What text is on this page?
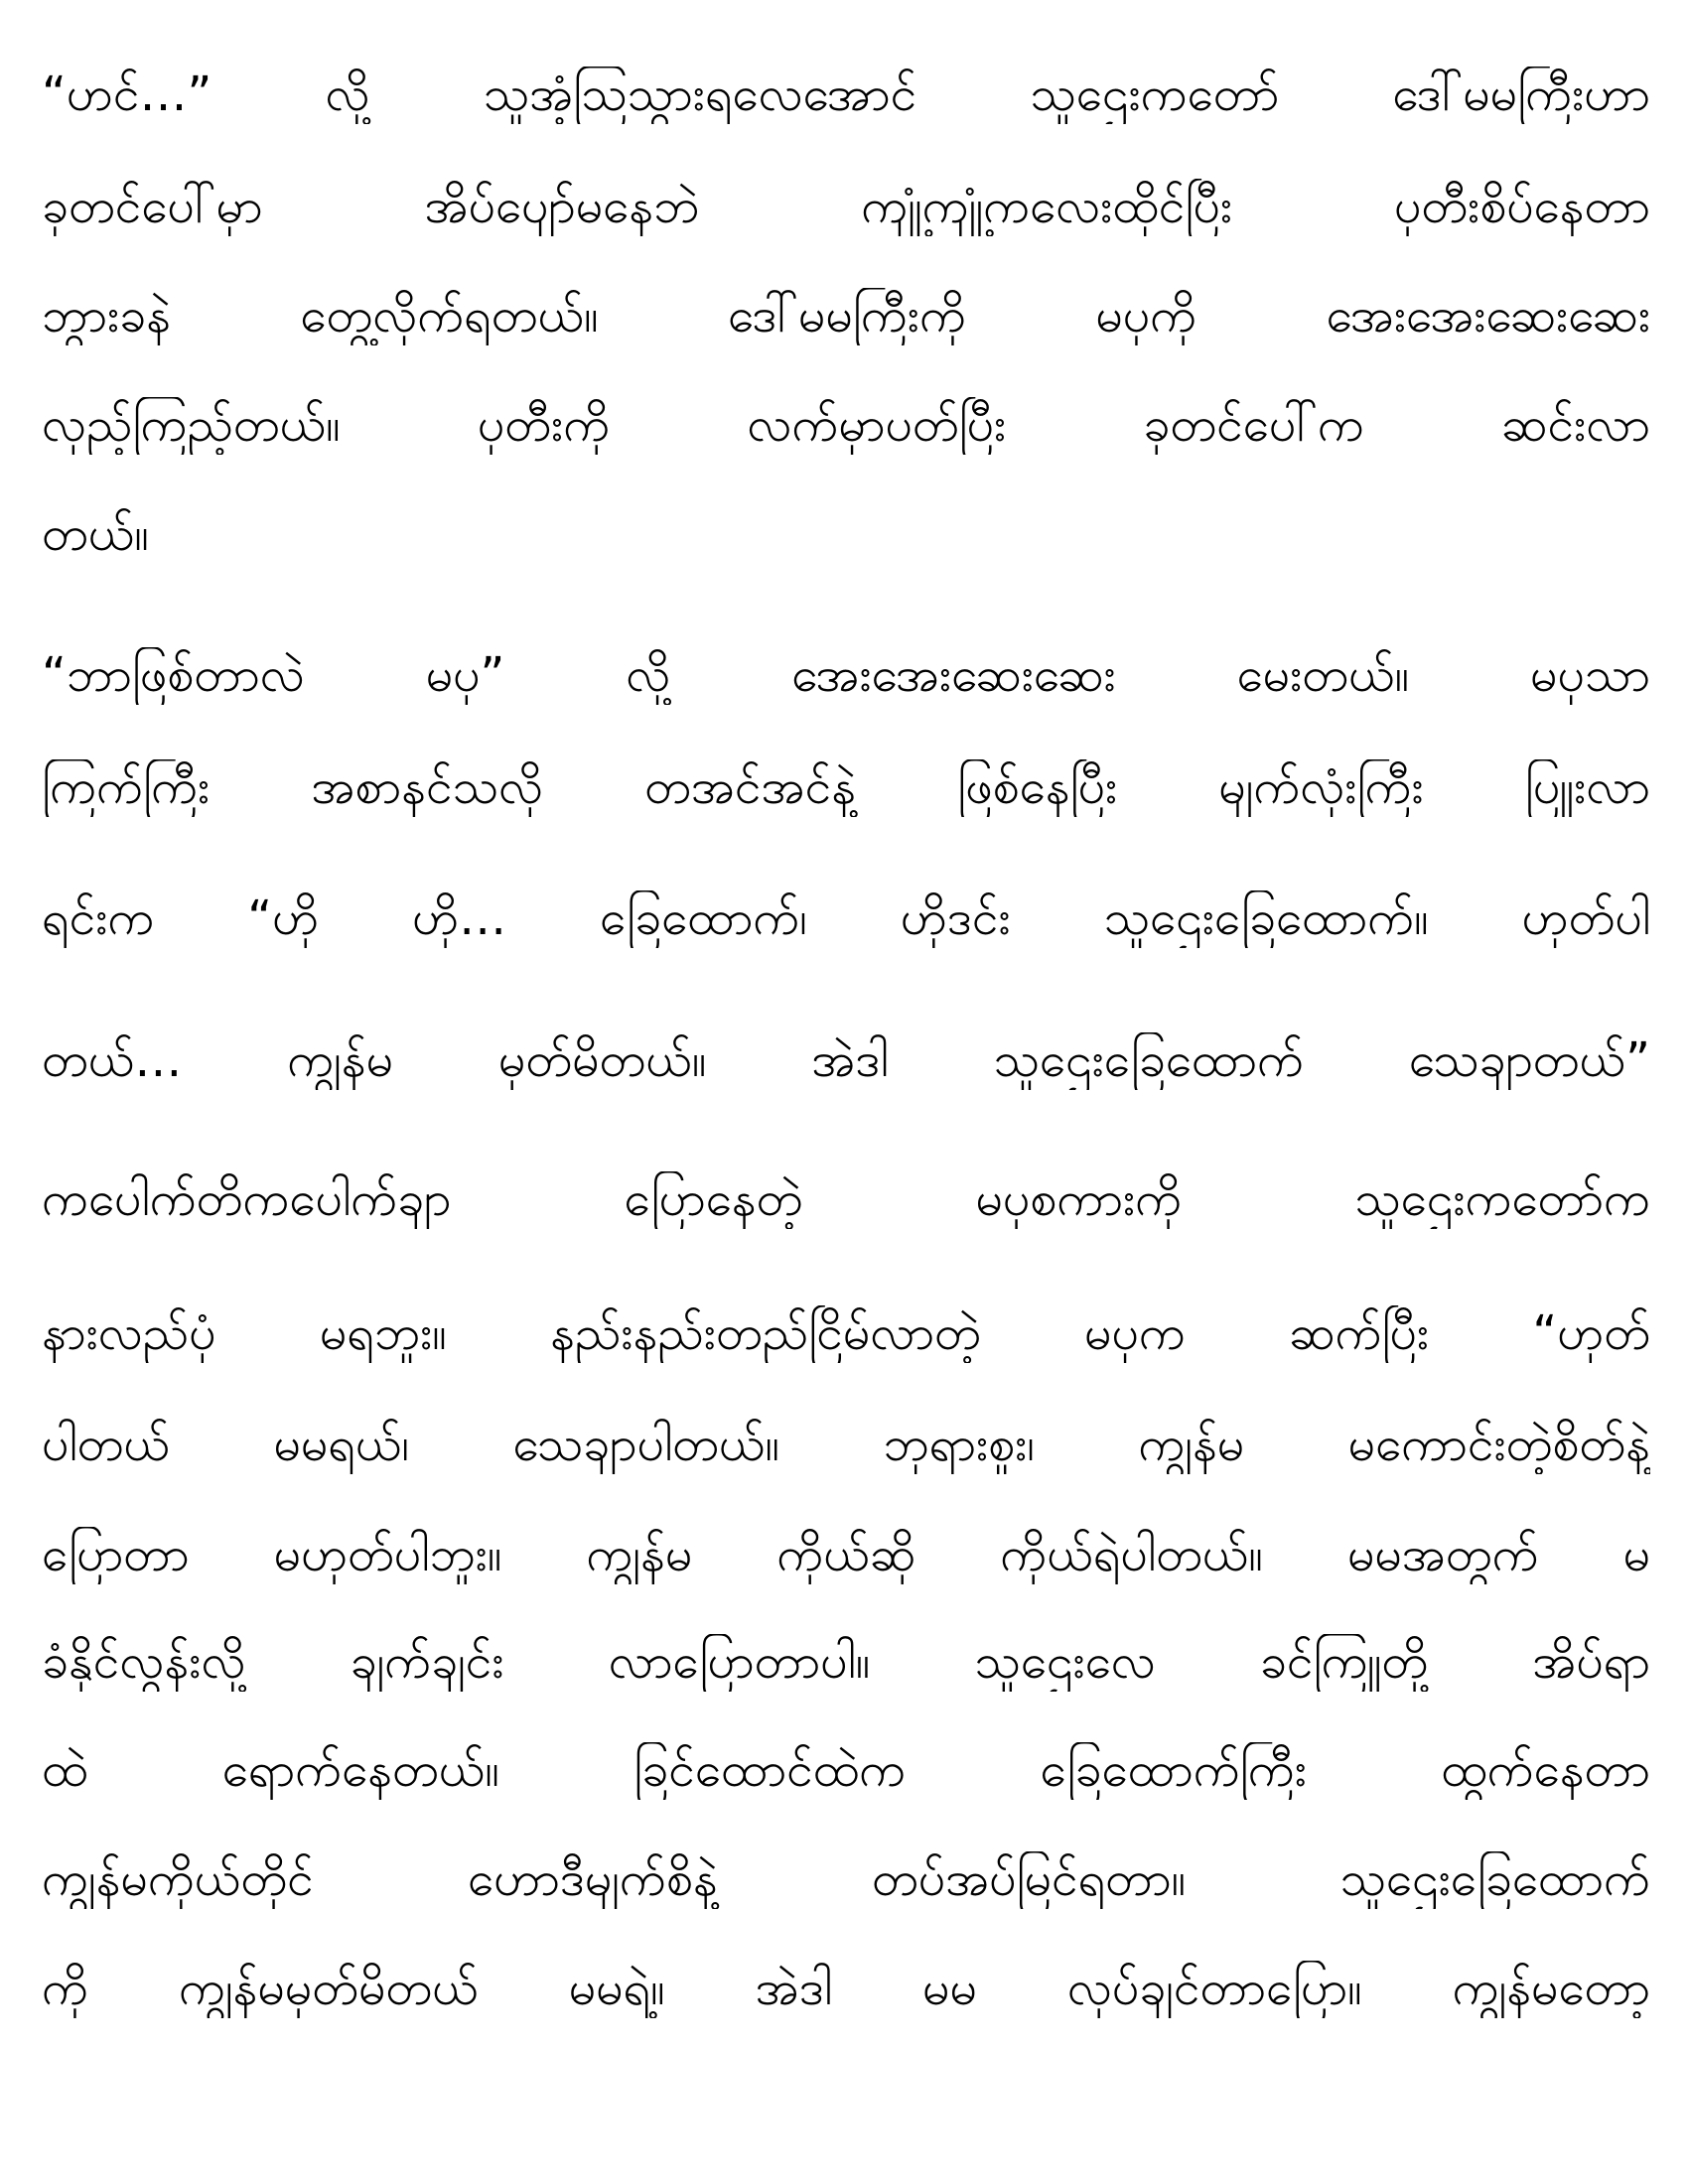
“ဟင်…” လို့ သူအံ့သြသွားရလေအောင် သူဌေးကတော် ဒေါ်မမကြီးဟာ

ခုတင်ပေါ်မှာ အိပ်ပျော်မနေဘဲ ကျုံ့ကျုံ့ကလေးထိုင်ပြီး ပုတီးစိပ်နေတာ

ဘွားခနဲ တွေ့လိုက်ရတယ်။ ဒေါ်မမကြီးကို မပုကို အေးအေးဆေးဆေး

လှည့်ကြည့်တယ်။ ပုတီးကို လက်မှာပတ်ပြီး ခုတင်ပေါ်က ဆင်းလာ

တယ်။

“ဘာဖြစ်တာလဲ မပု” လို့ အေးအေးဆေးဆေး မေးတယ်။ မပုသာ

ကြက်ကြီး အစာနင်သလို တအင်အင်နဲ့ ဖြစ်နေပြီး မျက်လုံးကြီး ပြူးလာ

ရင်းက “ဟို ဟို… ခြေထောက်၊ ဟိုဒင်း သူဌေးခြေထောက်။ ဟုတ်ပါ

တယ်… ကျွန်မ မှတ်မိတယ်။ အဲဒါ သူဌေးခြေထောက် သေချာတယ်”

ကပေါက်တိကပေါက်ချာ ပြောနေတဲ့ မပုစကားကို သူဌေးကတော်က

နားလည်ပုံ မရဘူး။ နည်းနည်းတည်ငြိမ်လာတဲ့ မပုက ဆက်ပြီး “ဟုတ်

ပါတယ် မမရယ်၊ သေချာပါတယ်။ ဘုရားစူး၊ ကျွန်မ မကောင်းတဲ့စိတ်နဲ့

ပြောတာ မဟုတ်ပါဘူး။ ကျွန်မ ကိုယ်ဆို ကိုယ်ရဲပါတယ်။ မမအတွက် မ

ခံနိုင်လွန်းလို့ ချက်ချင်း လာပြောတာပါ။ သူဌေးလေ ခင်ကြူတို့ အိပ်ရာ

ထဲ ရောက်နေတယ်။ ခြင်ထောင်ထဲက ခြေထောက်ကြီး ထွက်နေတာ

ကျွန်မကိုယ်တိုင် ဟောဒီမျက်စိနဲ့ တပ်အပ်မြင်ရတာ။ သူဌေးခြေထောက်

ကို ကျွန်မမှတ်မိတယ် မမရဲ့။ အဲဒါ မမ လုပ်ချင်တာပြော။ ကျွန်မတော့
